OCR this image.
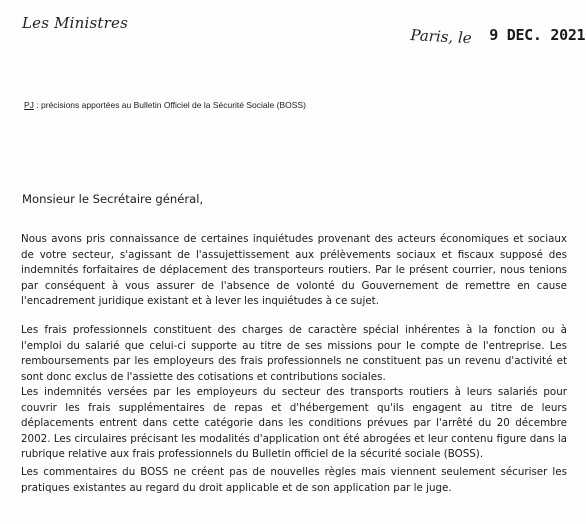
Les Ministres
Paris, le 9 DEC. 2021
PJ : précisions apportées au Bulletin Officiel de la Sécurité Sociale (BOSS)
Monsieur le Secrétaire général,

Nous avons pris connaissance de certaines inquiétudes provenant des acteurs économiques et sociaux de votre secteur, s'agissant de l'assujettissement aux prélèvements sociaux et fiscaux supposé des indemnités forfaitaires de déplacement des transporteurs routiers. Par le présent courrier, nous tenions par conséquent à vous assurer de l'absence de volonté du Gouvernement de remettre en cause l'encadrement juridique existant et à lever les inquiétudes à ce sujet.

Les frais professionnels constituent des charges de caractère spécial inhérentes à la fonction ou à l'emploi du salarié que celui-ci supporte au titre de ses missions pour le compte de l'entreprise. Les remboursements par les employeurs des frais professionnels ne constituent pas un revenu d'activité et sont donc exclus de l'assiette des cotisations et contributions sociales.

Les indemnités versées par les employeurs du secteur des transports routiers à leurs salariés pour couvrir les frais supplémentaires de repas et d'hébergement qu'ils engagent au titre de leurs déplacements entrent dans cette catégorie dans les conditions prévues par l'arrêté du 20 décembre 2002. Les circulaires précisant les modalités d'application ont été abrogées et leur contenu figure dans la rubrique relative aux frais professionnels du Bulletin officiel de la sécurité sociale (BOSS).

Les commentaires du BOSS ne créent pas de nouvelles règles mais viennent seulement sécuriser les pratiques existantes au regard du droit applicable et de son application par le juge.
